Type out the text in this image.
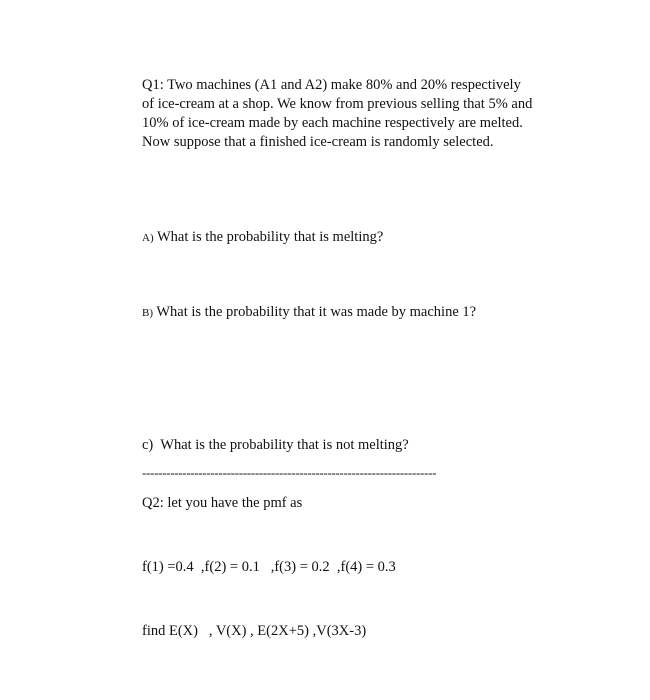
Q1: Two machines (A1 and A2) make 80% and 20% respectively
of ice-cream at a shop. We know from previous selling that 5% and
10% of ice-cream made by each machine respectively are melted.
Now suppose that a finished ice-cream is randomly selected.
A) What is the probability that is melting?
B) What is the probability that it was made by machine 1?
c)  What is the probability that is not melting?
-------------------------------------------------------------------------
Q2: let you have the pmf as
f(1) =0.4  ,f(2) = 0.1   ,f(3) = 0.2  ,f(4) = 0.3
find E(X)   , V(X) , E(2X+5) ,V(3X-3)
